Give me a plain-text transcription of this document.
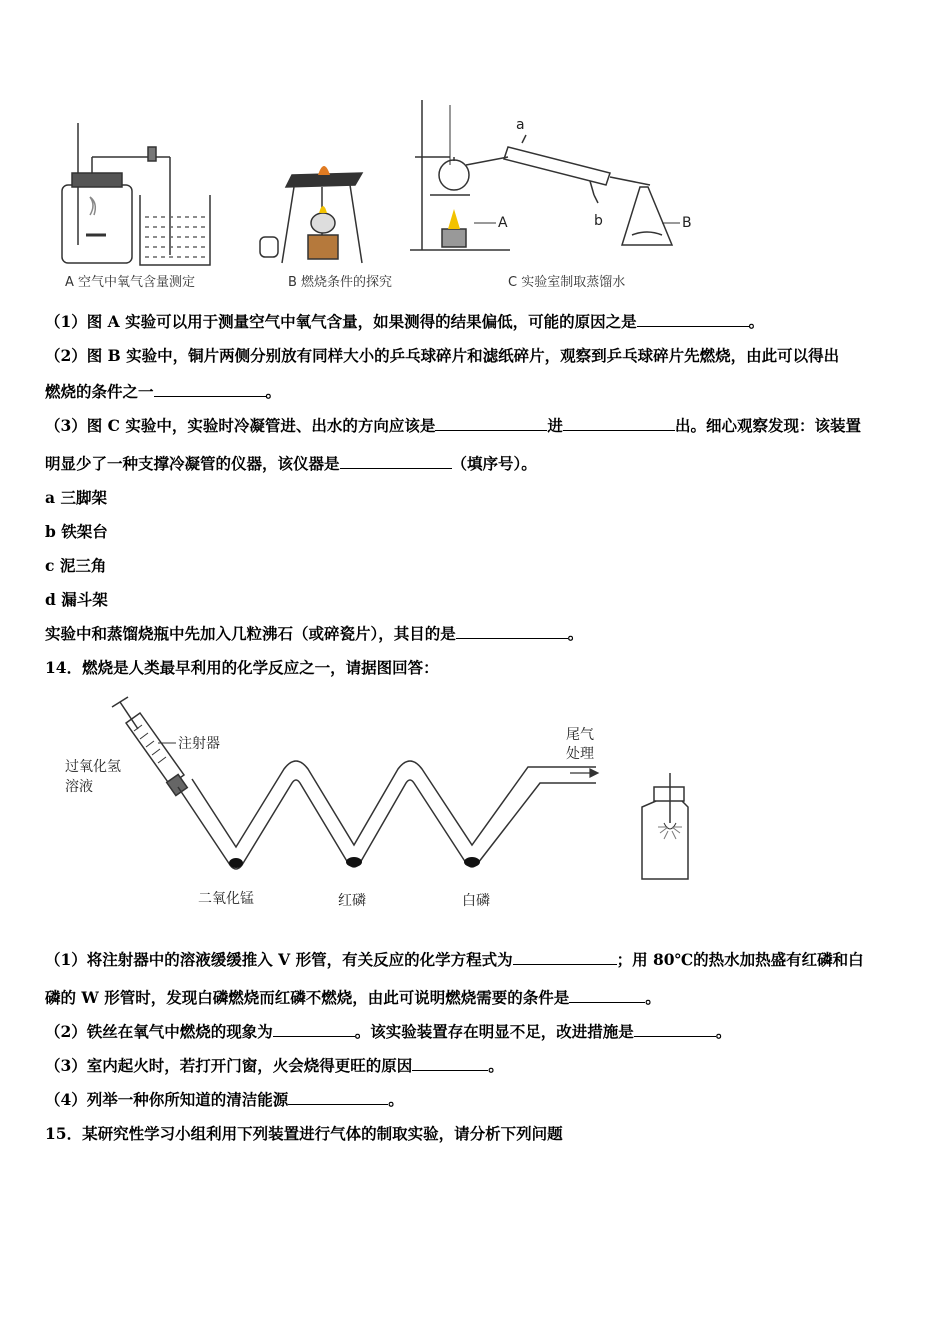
A 空气中氧气含量测定	B 燃烧条件的探究
a
b
A	B
C 实验室制取蒸馏水
（1）图 A 实验可以用于测量空气中氧气含量，如果测得的结果偏低，可能的原因之是	。
（2）图 B 实验中，铜片两侧分别放有同样大小的乒乓球碎片和滤纸碎片，观察到乒乓球碎片先燃烧，由此可以得出
燃烧的条件之一	。
（3）图 C 实验中，实验时冷凝管进、出水的方向应该是	进	出。细心观察发现：该装置
明显少了一种支撑冷凝管的仪器，该仪器是	（填序号）。
a 三脚架
b 铁架台
c 泥三角
d 漏斗架
实验中和蒸馏烧瓶中先加入几粒沸石（或碎瓷片），其目的是	。
14．燃烧是人类最早利用的化学反应之一，请据图回答：
注射器
过氧化氢
溶液
二氧化锰	红磷	白磷
尾气
处理
（1）将注射器中的溶液缓缓推入 V 形管，有关反应的化学方程式为	；用 80℃的热水加热盛有红磷和白
磷的 W 形管时，发现白磷燃烧而红磷不燃烧，由此可说明燃烧需要的条件是	。
（2）铁丝在氧气中燃烧的现象为	。该实验装置存在明显不足，改进措施是	。
（3）室内起火时，若打开门窗，火会烧得更旺的原因	。
（4）列举一种你所知道的清洁能源	。
15．某研究性学习小组利用下列装置进行气体的制取实验，请分析下列问题
